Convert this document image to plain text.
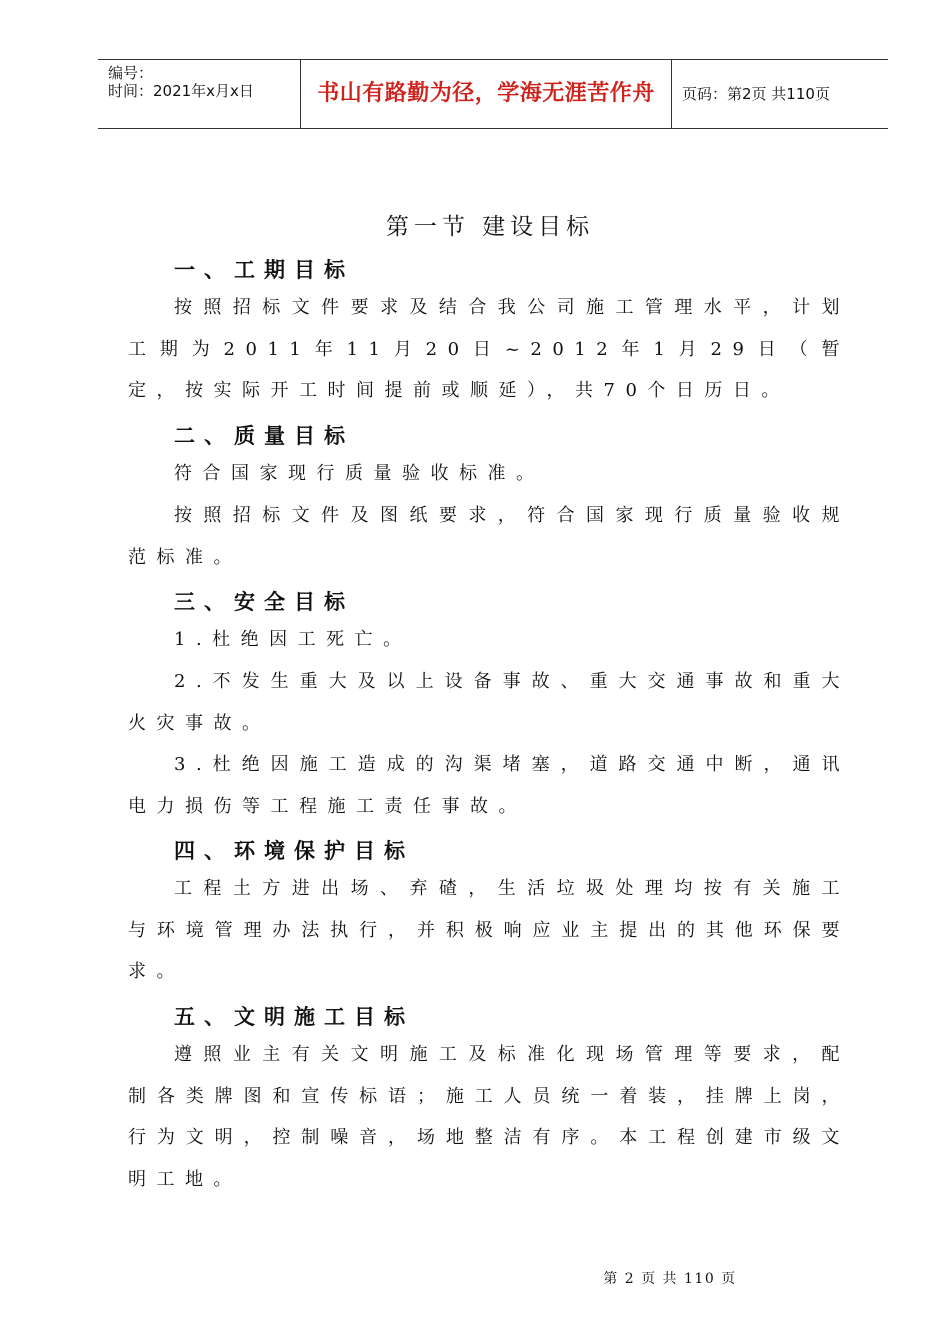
编号：
时间：2021年x月x日	书山有路勤为径，学海无涯苦作舟	页码：第2页 共110页
第一节 建设目标
一、工期目标
按照招标文件要求及结合我公司施工管理水平，计划工期为2011年11月20日~2012年1月29日（暂定，按实际开工时间提前或顺延），共70个日历日。
二、质量目标
符合国家现行质量验收标准。
按照招标文件及图纸要求，符合国家现行质量验收规范标准。
三、安全目标
1.杜绝因工死亡。
2.不发生重大及以上设备事故、重大交通事故和重大火灾事故。
3.杜绝因施工造成的沟渠堵塞，道路交通中断，通讯电力损伤等工程施工责任事故。
四、环境保护目标
工程土方进出场、弃碴，生活垃圾处理均按有关施工与环境管理办法执行，并积极响应业主提出的其他环保要求。
五、文明施工目标
遵照业主有关文明施工及标准化现场管理等要求，配制各类牌图和宣传标语；施工人员统一着装，挂牌上岗，行为文明，控制噪音，场地整洁有序。本工程创建市级文明工地。
第 2 页 共 110 页
